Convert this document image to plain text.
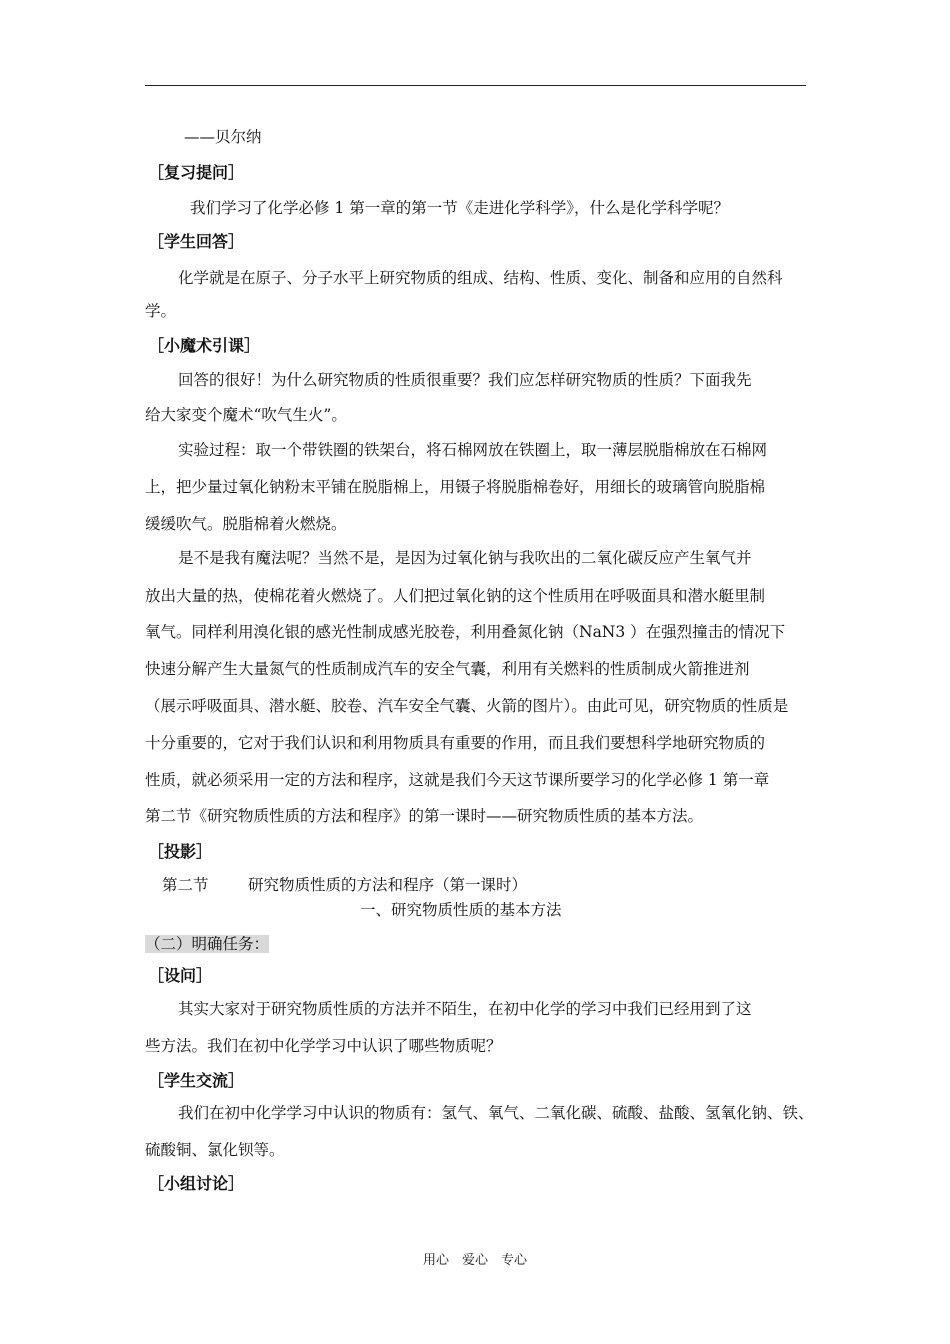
——贝尔纳
［复习提问］
我们学习了化学必修 1 第一章的第一节《走进化学科学》，什么是化学科学呢？
［学生回答］
化学就是在原子、分子水平上研究物质的组成、结构、性质、变化、制备和应用的自然科
学。
［小魔术引课］
回答的很好！为什么研究物质的性质很重要？我们应怎样研究物质的性质？下面我先
给大家变个魔术“吹气生火”。
实验过程：取一个带铁圈的铁架台，将石棉网放在铁圈上，取一薄层脱脂棉放在石棉网
上，把少量过氧化钠粉末平铺在脱脂棉上，用镊子将脱脂棉卷好，用细长的玻璃管向脱脂棉
缓缓吹气。脱脂棉着火燃烧。
是不是我有魔法呢？当然不是，是因为过氧化钠与我吹出的二氧化碳反应产生氧气并
放出大量的热，使棉花着火燃烧了。人们把过氧化钠的这个性质用在呼吸面具和潜水艇里制
氧气。同样利用溴化银的感光性制成感光胶卷，利用叠氮化钠（NaN3 ）在强烈撞击的情况下
快速分解产生大量氮气的性质制成汽车的安全气囊，利用有关燃料的性质制成火箭推进剂
（展示呼吸面具、潜水艇、胶卷、汽车安全气囊、火箭的图片）。由此可见，研究物质的性质是
十分重要的，它对于我们认识和利用物质具有重要的作用，而且我们要想科学地研究物质的
性质，就必须采用一定的方法和程序，这就是我们今天这节课所要学习的化学必修 1 第一章
第二节《研究物质性质的方法和程序》的第一课时——研究物质性质的基本方法。
［投影］
第二节	研究物质性质的方法和程序（第一课时）
一、研究物质性质的基本方法
（二）明确任务：
［设问］
其实大家对于研究物质性质的方法并不陌生，在初中化学的学习中我们已经用到了这
些方法。我们在初中化学学习中认识了哪些物质呢？
［学生交流］
我们在初中化学学习中认识的物质有：氢气、氧气、二氧化碳、硫酸、盐酸、氢氧化钠、铁、
硫酸铜、氯化钡等。
［小组讨论］
用心　爱心　专心
